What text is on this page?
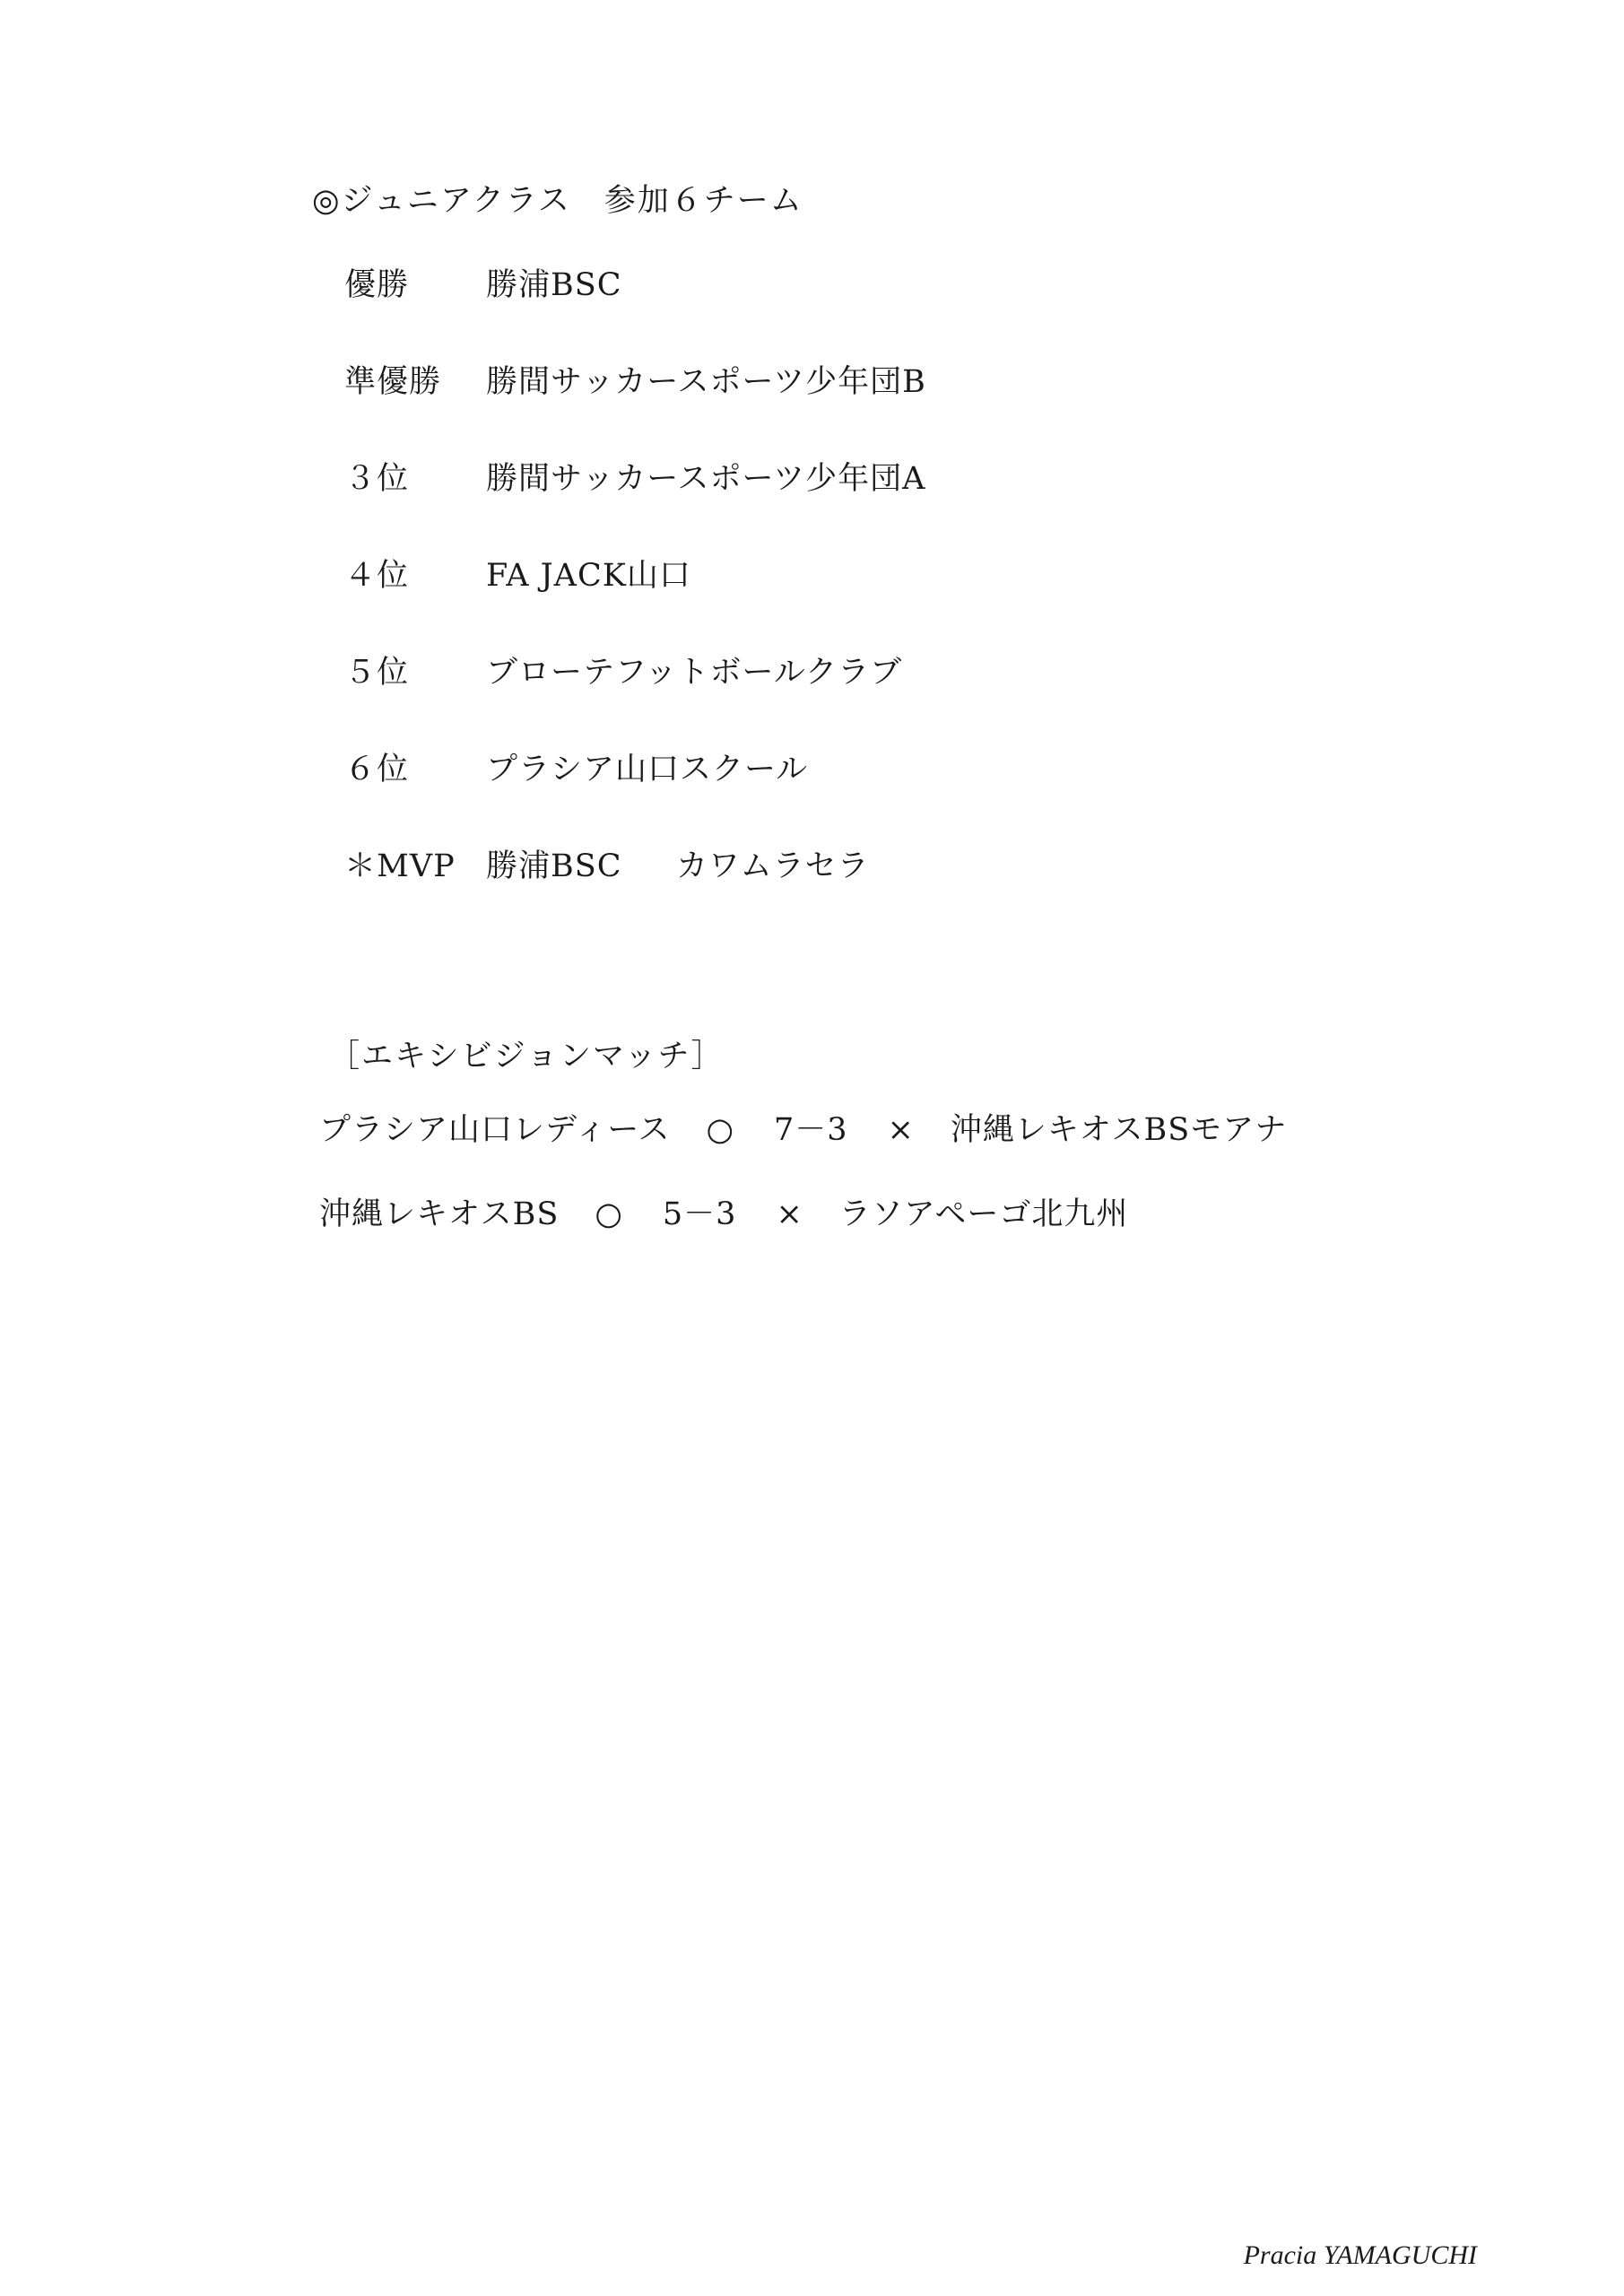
◎ジュニアクラス　参加６チーム
優勝 勝浦BSC
準優勝 勝間サッカースポーツ少年団B
３位 勝間サッカースポーツ少年団A
４位 FA JACK山口
５位 ブローテフットボールクラブ
６位 プラシア山口スクール
＊MVP 勝浦BSC カワムラセラ
［エキシビジョンマッチ］
プラシア山口レディース ○ 7－3 × 沖縄レキオスBSモアナ
沖縄レキオスBS ○ 5－3 × ラソアペーゴ北九州
Pracia YAMAGUCHI
